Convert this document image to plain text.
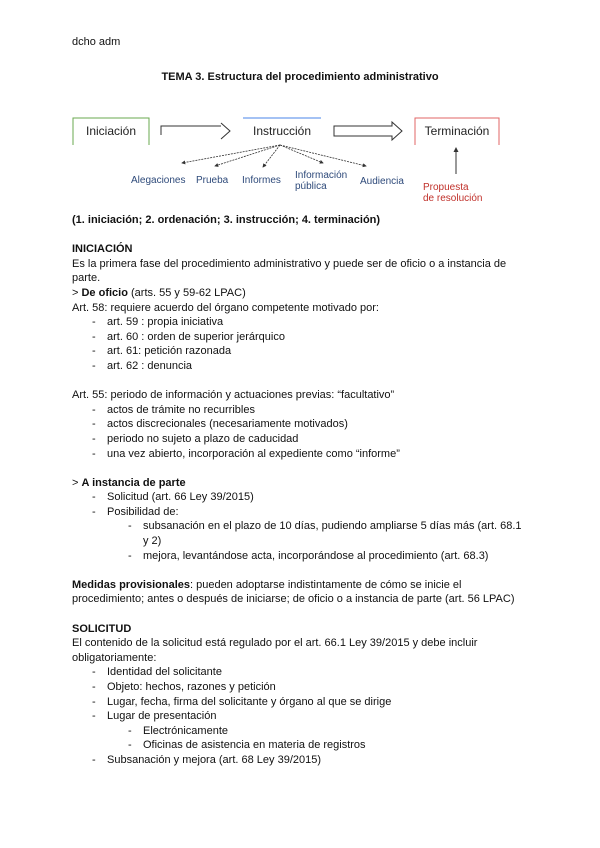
dcho adm
TEMA 3. Estructura del procedimiento administrativo
Iniciación	Instrucción	Terminación
Alegaciones Prueba Informes Información
pública	Audiencia
Propuesta
de resolución
(1. iniciación; 2. ordenación; 3. instrucción; 4. terminación)
INICIACIÓN
Es la primera fase del procedimiento administrativo y puede ser de oficio o a instancia de
parte.
> De oficio (arts. 55 y 59-62 LPAC)
Art. 58: requiere acuerdo del órgano competente motivado por:
- art. 59 : propia iniciativa
- art. 60 : orden de superior jerárquico
- art. 61: petición razonada
- art. 62 : denuncia
Art. 55: periodo de información y actuaciones previas: “facultativo”
- actos de trámite no recurribles
- actos discrecionales (necesariamente motivados)
- periodo no sujeto a plazo de caducidad
- una vez abierto, incorporación al expediente como “informe”
> A instancia de parte
- Solicitud (art. 66 Ley 39/2015)
- Posibilidad de:
- subsanación en el plazo de 10 días, pudiendo ampliarse 5 días más (art. 68.1
y 2)
- mejora, levantándose acta, incorporándose al procedimiento (art. 68.3)
Medidas provisionales: pueden adoptarse indistintamente de cómo se inicie el
procedimiento; antes o después de iniciarse; de oficio o a instancia de parte (art. 56 LPAC)
SOLICITUD
El contenido de la solicitud está regulado por el art. 66.1 Ley 39/2015 y debe incluir
obligatoriamente:
- Identidad del solicitante
- Objeto: hechos, razones y petición
- Lugar, fecha, firma del solicitante y órgano al que se dirige
- Lugar de presentación
- Electrónicamente
- Oficinas de asistencia en materia de registros
- Subsanación y mejora (art. 68 Ley 39/2015)
